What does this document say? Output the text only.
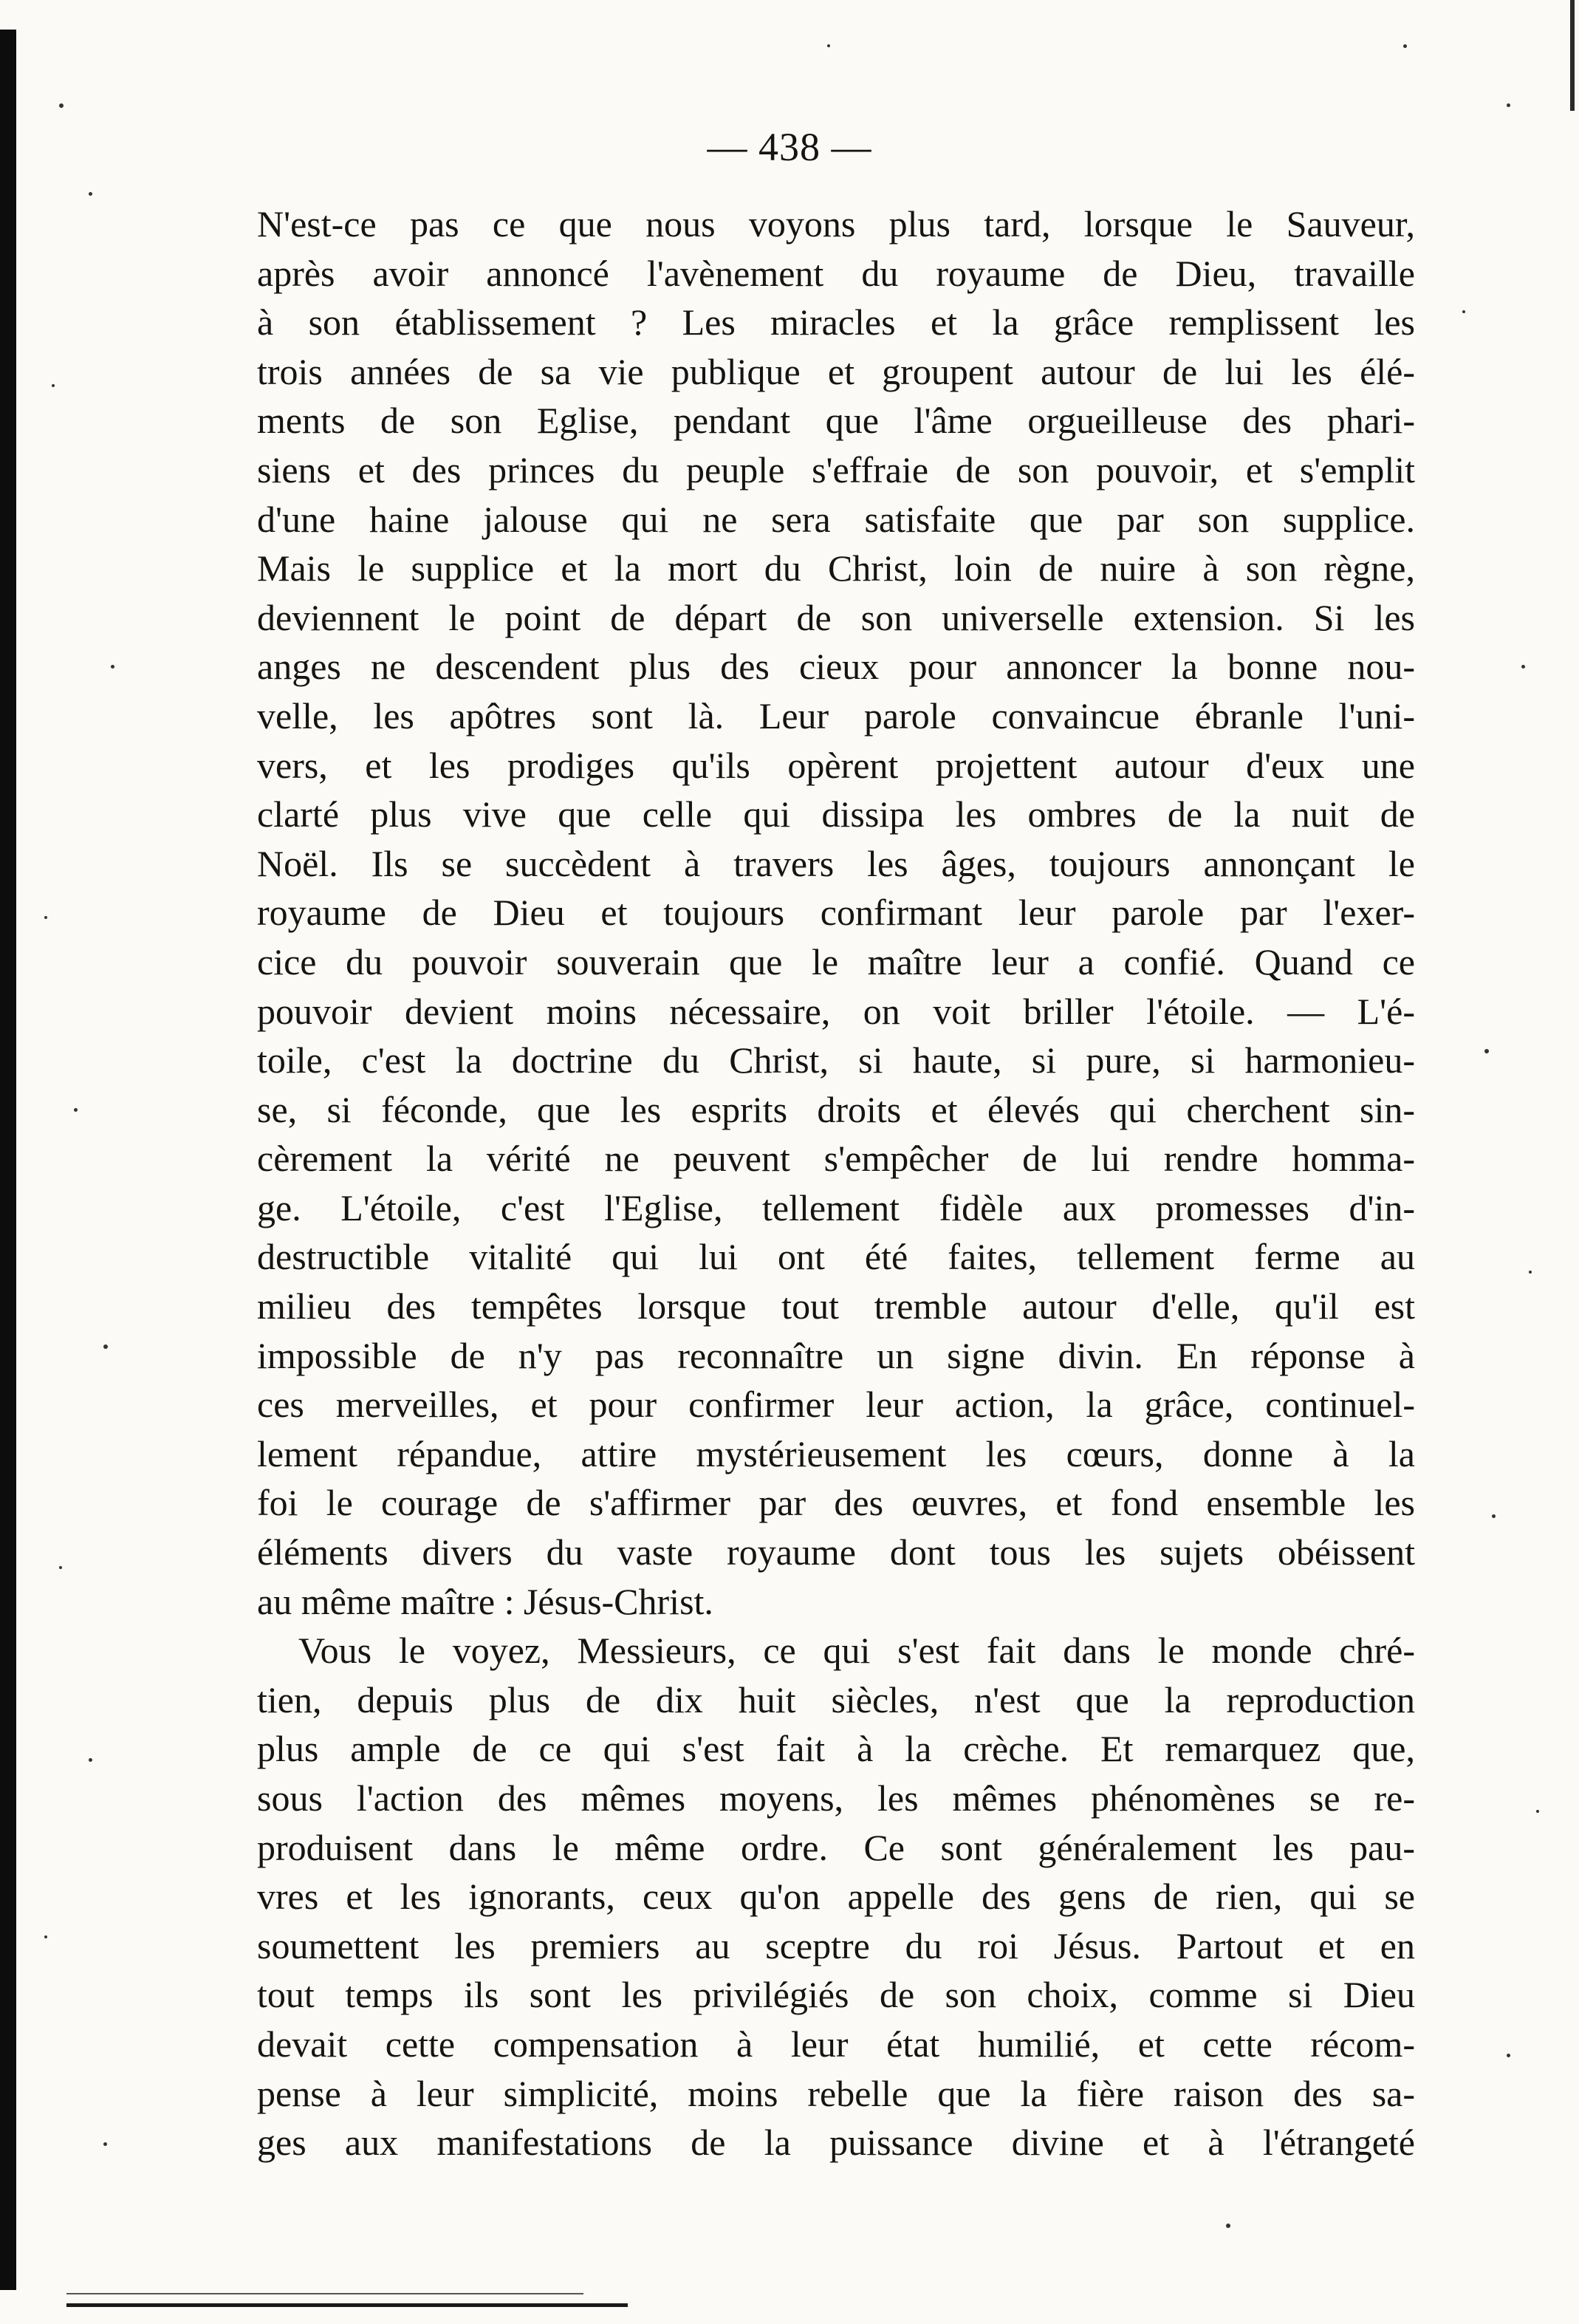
— 438 —
N'est-ce pas ce que nous voyons plus tard, lorsque le Sauveur,
après avoir annoncé l'avènement du royaume de Dieu, travaille
à son établissement ? Les miracles et la grâce remplissent les
trois années de sa vie publique et groupent autour de lui les élé-
ments de son Eglise, pendant que l'âme orgueilleuse des phari-
siens et des princes du peuple s'effraie de son pouvoir, et s'emplit
d'une haine jalouse qui ne sera satisfaite que par son supplice.
Mais le supplice et la mort du Christ, loin de nuire à son règne,
deviennent le point de départ de son universelle extension. Si les
anges ne descendent plus des cieux pour annoncer la bonne nou-
velle, les apôtres sont là. Leur parole convaincue ébranle l'uni-
vers, et les prodiges qu'ils opèrent projettent autour d'eux une
clarté plus vive que celle qui dissipa les ombres de la nuit de
Noël. Ils se succèdent à travers les âges, toujours annonçant le
royaume de Dieu et toujours confirmant leur parole par l'exer-
cice du pouvoir souverain que le maître leur a confié. Quand ce
pouvoir devient moins nécessaire, on voit briller l'étoile. — L'é-
toile, c'est la doctrine du Christ, si haute, si pure, si harmonieu-
se, si féconde, que les esprits droits et élevés qui cherchent sin-
cèrement la vérité ne peuvent s'empêcher de lui rendre homma-
ge. L'étoile, c'est l'Eglise, tellement fidèle aux promesses d'in-
destructible vitalité qui lui ont été faites, tellement ferme au
milieu des tempêtes lorsque tout tremble autour d'elle, qu'il est
impossible de n'y pas reconnaître un signe divin. En réponse à
ces merveilles, et pour confirmer leur action, la grâce, continuel-
lement répandue, attire mystérieusement les cœurs, donne à la
foi le courage de s'affirmer par des œuvres, et fond ensemble les
éléments divers du vaste royaume dont tous les sujets obéissent
au même maître : Jésus-Christ.
Vous le voyez, Messieurs, ce qui s'est fait dans le monde chré-
tien, depuis plus de dix huit siècles, n'est que la reproduction
plus ample de ce qui s'est fait à la crèche. Et remarquez que,
sous l'action des mêmes moyens, les mêmes phénomènes se re-
produisent dans le même ordre. Ce sont généralement les pau-
vres et les ignorants, ceux qu'on appelle des gens de rien, qui se
soumettent les premiers au sceptre du roi Jésus. Partout et en
tout temps ils sont les privilégiés de son choix, comme si Dieu
devait cette compensation à leur état humilié, et cette récom-
pense à leur simplicité, moins rebelle que la fière raison des sa-
ges aux manifestations de la puissance divine et à l'étrangeté
